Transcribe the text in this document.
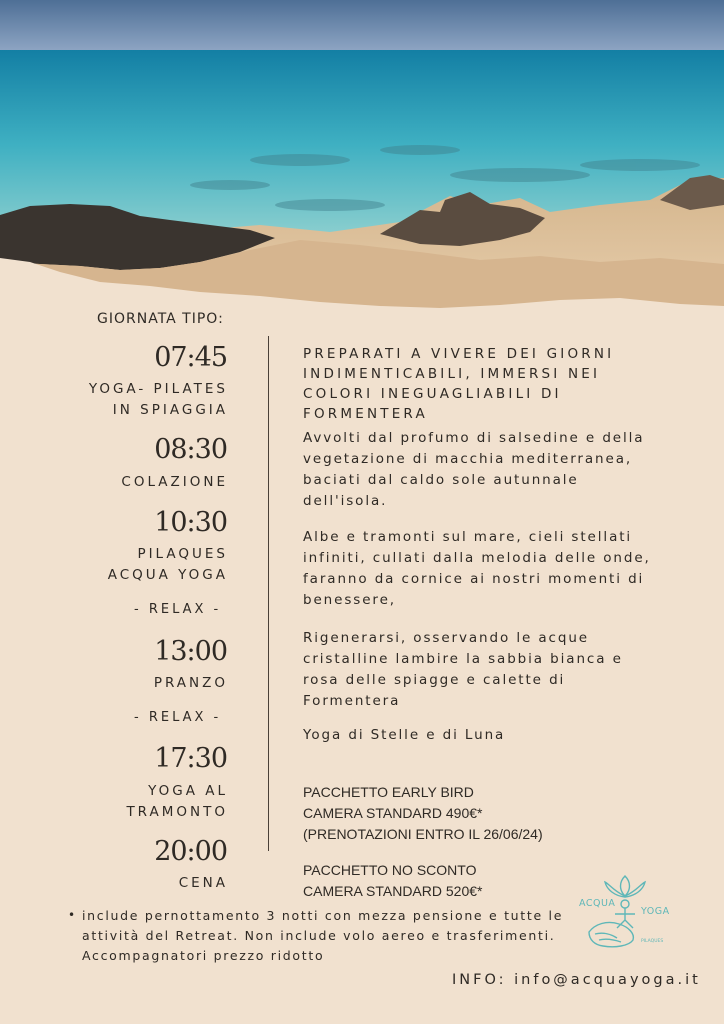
GIORNATA TIPO:
07:45
YOGA- PILATES
IN SPIAGGIA
08:30
COLAZIONE
10:30
PILAQUES
ACQUA YOGA
- RELAX -
13:00
PRANZO
- RELAX -
17:30
YOGA AL
TRAMONTO
20:00
CENA
PREPARATI A VIVERE DEI GIORNI
INDIMENTICABILI, IMMERSI NEI
COLORI INEGUAGLIABILI DI
FORMENTERA
Avvolti dal profumo di salsedine e della
vegetazione di macchia mediterranea,
baciati dal caldo sole autunnale
dell'isola.
Albe e tramonti sul mare, cieli stellati
infiniti, cullati dalla melodia delle onde,
faranno da cornice ai nostri momenti di
benessere,
Rigenerarsi, osservando le acque
cristalline lambire la sabbia bianca e
rosa delle spiagge e calette di
Formentera
Yoga di Stelle e di Luna
PACCHETTO EARLY BIRD
CAMERA STANDARD 490€*
(PRENOTAZIONI ENTRO IL 26/06/24)
PACCHETTO NO SCONTO
CAMERA STANDARD 520€*
• include pernottamento 3 notti con mezza pensione e tutte le
attività del Retreat. Non include volo aereo e trasferimenti.
Accompagnatori prezzo ridotto
INFO: info@acquayoga.it
ACQUA
YOGA
PILAQUES
